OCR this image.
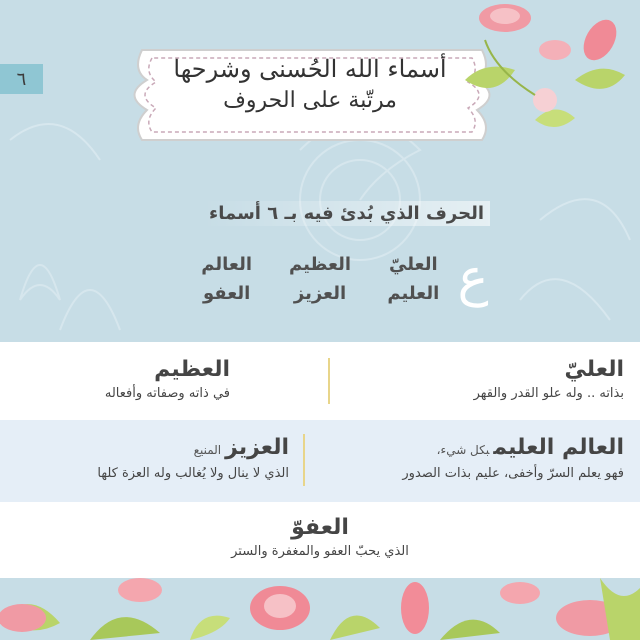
٦	أسماء الله الحُسنى وشرحها
مرتّبة على الحروف
الحرف الذي بُدئ فيه بـ ٦ أسماء
ع
العليّ
العظيم
العالم
العليم
العزيز
العفو
العليّ
بذاته .. وله علو القدر والقهر
العظيم
في ذاته وصفاته وأفعاله
العالم العليمبكل شيء،
فهو يعلم السرّ وأخفى، عليم بذات الصدور
العزيزالمنيع
الذي لا ينال ولا يُغالب وله العزة كلها
العفوّ
الذي يحبّ العفو والمغفرة والستر
